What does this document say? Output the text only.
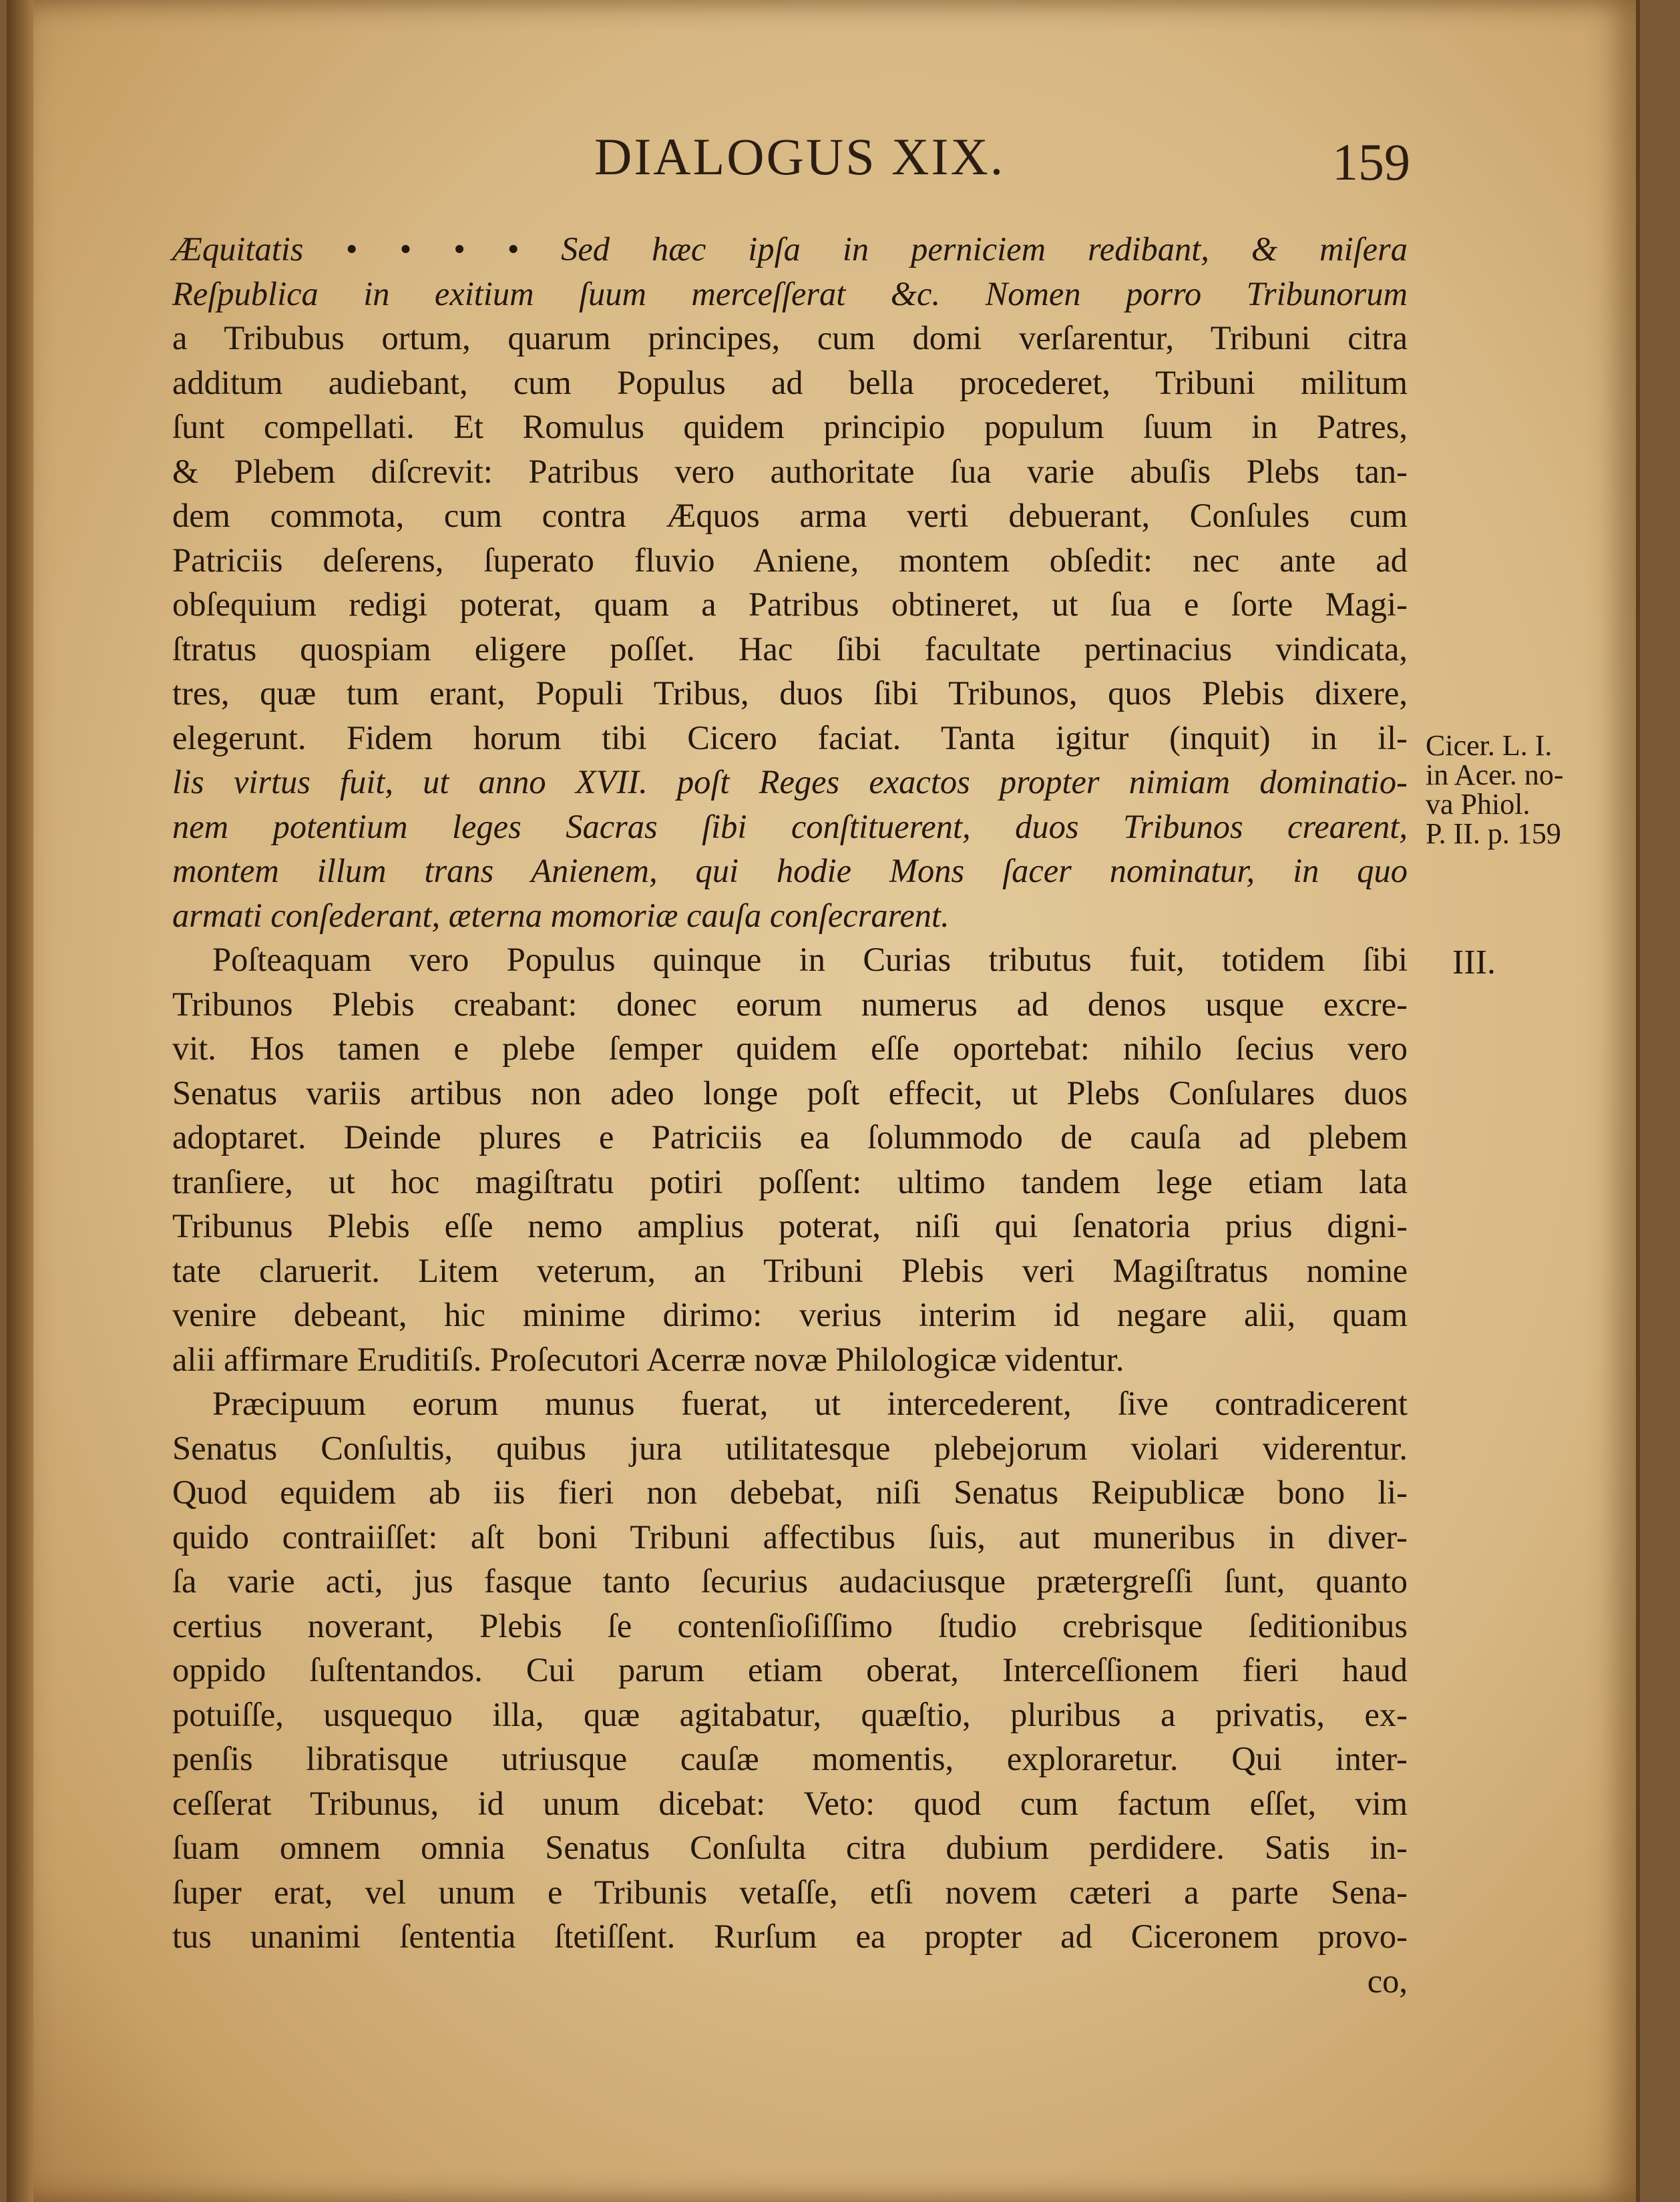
DIALOGUS XIX.	159
Æquitatis • • • • Sed hæc ipſa in perniciem redibant, & miſera
Reſpublica in exitium ſuum merceſſerat &c. Nomen porro Tribunorum
a Tribubus ortum, quarum principes, cum domi verſarentur, Tribuni citra
additum audiebant, cum Populus ad bella procederet, Tribuni militum
ſunt compellati. Et Romulus quidem principio populum ſuum in Patres,
& Plebem diſcrevit: Patribus vero authoritate ſua varie abuſis Plebs tan-
dem commota, cum contra Æquos arma verti debuerant, Conſules cum
Patriciis deſerens, ſuperato fluvio Aniene, montem obſedit: nec ante ad
obſequium redigi poterat, quam a Patribus obtineret, ut ſua e ſorte Magi-
ſtratus quospiam eligere poſſet. Hac ſibi facultate pertinacius vindicata,
tres, quæ tum erant, Populi Tribus, duos ſibi Tribunos, quos Plebis dixere,
elegerunt. Fidem horum tibi Cicero faciat. Tanta igitur (inquit) in il-
lis virtus fuit, ut anno XVII. poſt Reges exactos propter nimiam dominatio-
nem potentium leges Sacras ſibi conſtituerent, duos Tribunos crearent,
montem illum trans Anienem, qui hodie Mons ſacer nominatur, in quo
armati conſederant, æterna momoriæ cauſa conſecrarent.
Poſteaquam vero Populus quinque in Curias tributus fuit, totidem ſibi
Tribunos Plebis creabant: donec eorum numerus ad denos usque excre-
vit. Hos tamen e plebe ſemper quidem eſſe oportebat: nihilo ſecius vero
Senatus variis artibus non adeo longe poſt effecit, ut Plebs Conſulares duos
adoptaret. Deinde plures e Patriciis ea ſolummodo de cauſa ad plebem
tranſiere, ut hoc magiſtratu potiri poſſent: ultimo tandem lege etiam lata
Tribunus Plebis eſſe nemo amplius poterat, niſi qui ſenatoria prius digni-
tate claruerit. Litem veterum, an Tribuni Plebis veri Magiſtratus nomine
venire debeant, hic minime dirimo: verius interim id negare alii, quam
alii affirmare Eruditiſs. Proſecutori Acerræ novæ Philologicæ videntur.
Præcipuum eorum munus fuerat, ut intercederent, ſive contradicerent
Senatus Conſultis, quibus jura utilitatesque plebejorum violari viderentur.
Quod equidem ab iis fieri non debebat, niſi Senatus Reipublicæ bono li-
quido contraiiſſet: aſt boni Tribuni affectibus ſuis, aut muneribus in diver-
ſa varie acti, jus fasque tanto ſecurius audaciusque prætergreſſi ſunt, quanto
certius noverant, Plebis ſe contenſioſiſſimo ſtudio crebrisque ſeditionibus
oppido ſuſtentandos. Cui parum etiam oberat, Interceſſionem fieri haud
potuiſſe, usquequo illa, quæ agitabatur, quæſtio, pluribus a privatis, ex-
penſis libratisque utriusque cauſæ momentis, exploraretur. Qui inter-
ceſſerat Tribunus, id unum dicebat: Veto: quod cum factum eſſet, vim
ſuam omnem omnia Senatus Conſulta citra dubium perdidere. Satis in-
ſuper erat, vel unum e Tribunis vetaſſe, etſi novem cæteri a parte Sena-
tus unanimi ſententia ſtetiſſent. Rurſum ea propter ad Ciceronem provo-
co,
Cicer. L. I.
in Acer. no-
va Phiol.
P. II. p. 159
III.
